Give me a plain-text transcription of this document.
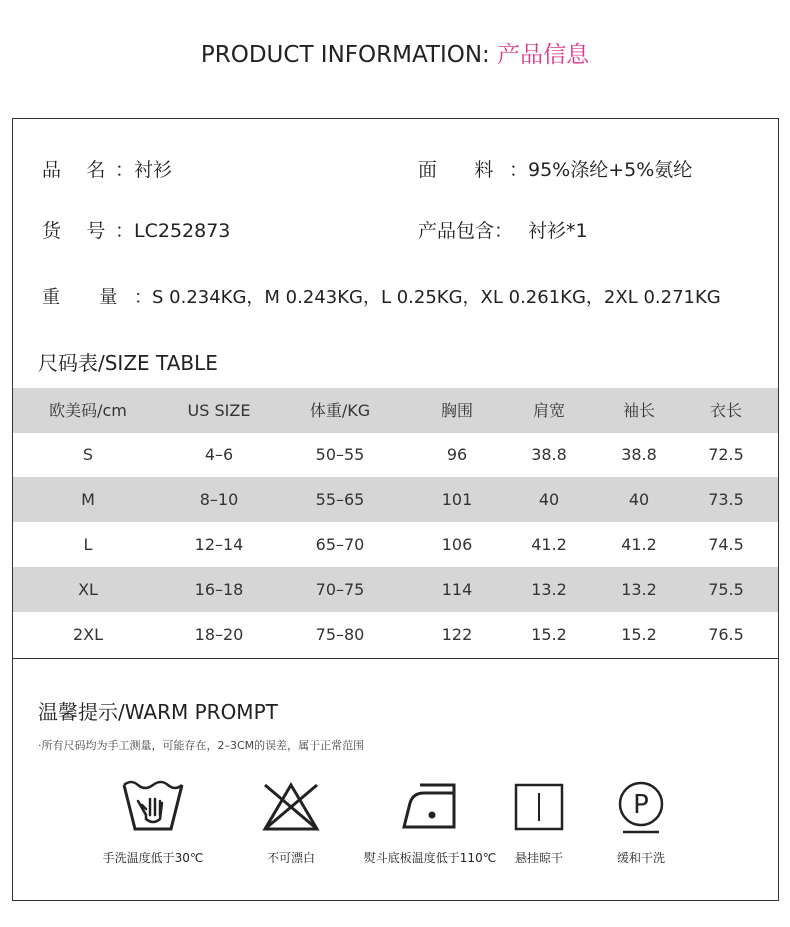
PRODUCT INFORMATION: 产品信息
品 名：衬衫	面 料：95%涤纶+5%氨纶
货 号：LC252873	产品包含： 衬衫*1
重 量：S 0.234KG，M 0.243KG，L 0.25KG，XL 0.261KG，2XL 0.271KG
尺码表/SIZE TABLE
欧美码/cm	US SIZE	体重/KG	胸围	肩宽	袖长	衣长
S	4–6	50–55	96	38.8	38.8	72.5
M	8–10	55–65	101	40	40	73.5
L	12–14	65–70	106	41.2	41.2	74.5
XL	16–18	70–75	114	13.2	13.2	75.5
2XL	18–20	75–80	122	15.2	15.2	76.5
温馨提示/WARM PROMPT
·所有尺码均为手工测量，可能存在，2–3CM的误差，属于正常范围
手洗温度低于30℃	不可漂白	熨斗底板温度低于110℃	悬挂晾干
P
缓和干洗
